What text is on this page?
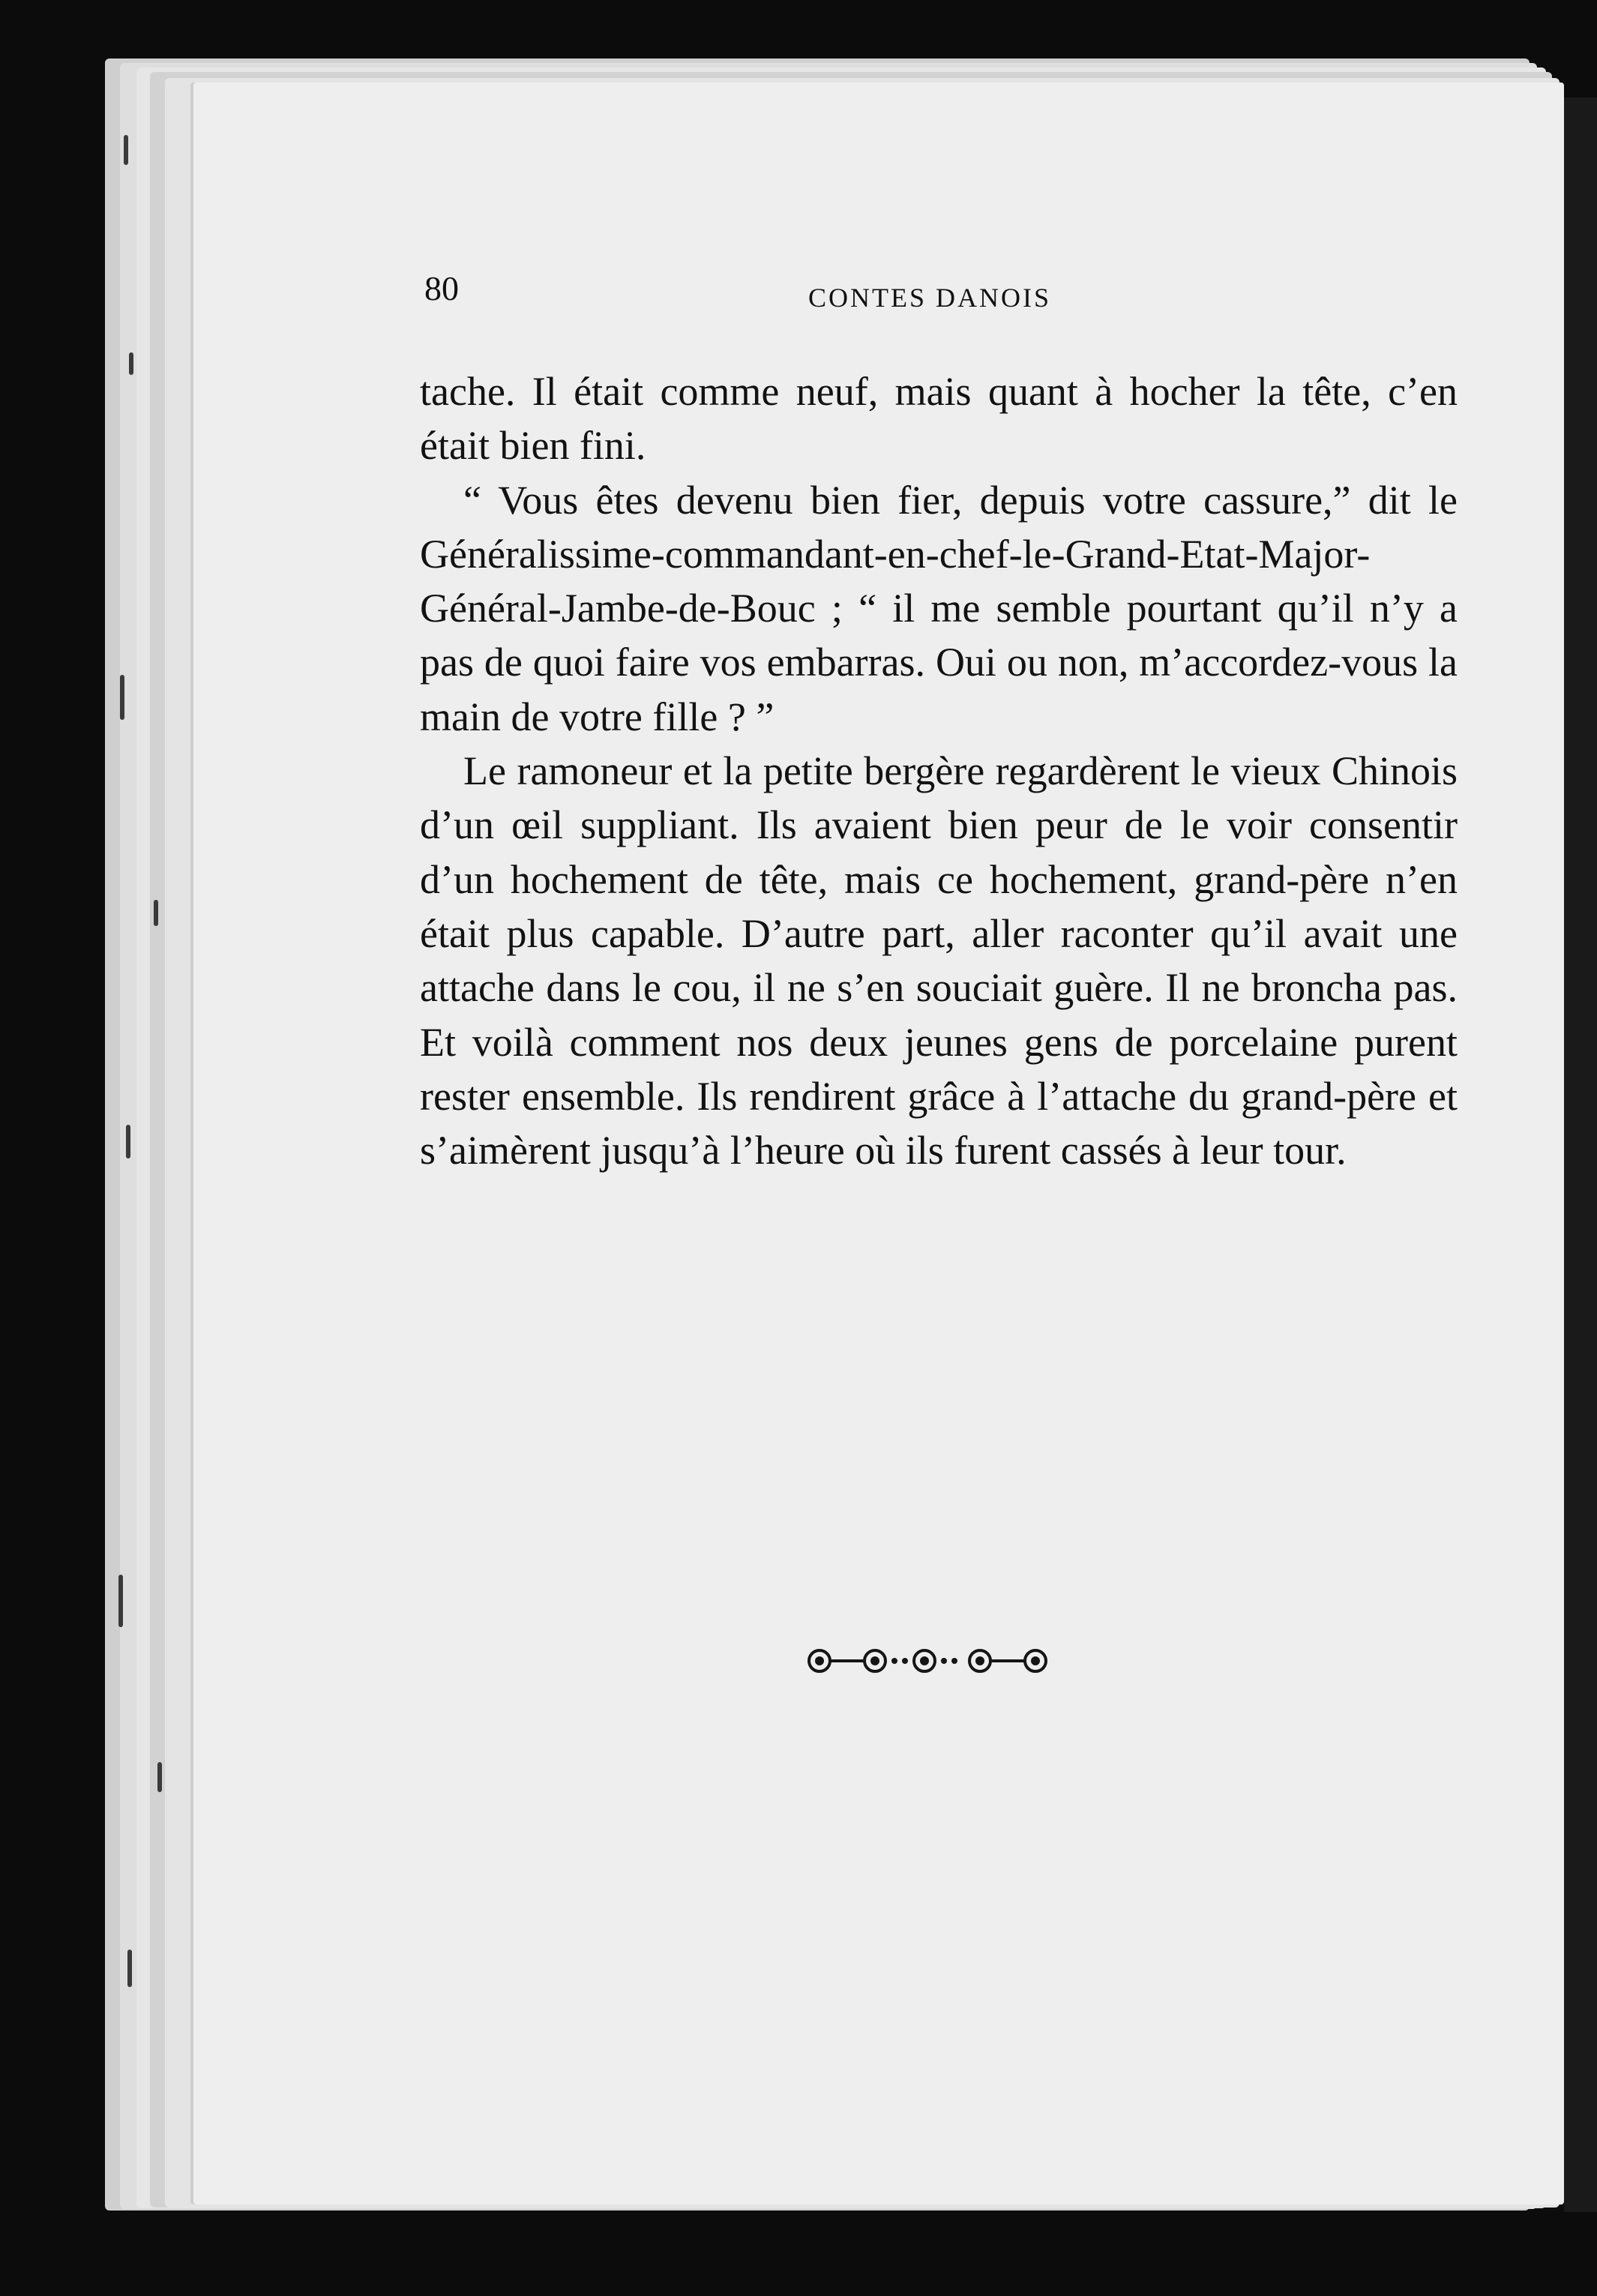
80	CONTES DANOIS

tache. Il était comme neuf, mais quant à hocher la tête, c’en était bien fini.

“ Vous êtes devenu bien fier, depuis votre cassure,” dit le Généralissime-commandant-en-chef-le-Grand-Etat-Major-Général-Jambe-de-Bouc ; “ il me semble pourtant qu’il n’y a pas de quoi faire vos embarras. Oui ou non, m’accordez-vous la main de votre fille ? ”

Le ramoneur et la petite bergère regardèrent le vieux Chinois d’un œil suppliant. Ils avaient bien peur de le voir consentir d’un hochement de tête, mais ce hochement, grand-père n’en était plus capable. D’autre part, aller raconter qu’il avait une attache dans le cou, il ne s’en souciait guère. Il ne broncha pas. Et voilà comment nos deux jeunes gens de porcelaine purent rester ensemble. Ils rendirent grâce à l’attache du grand-père et s’aimèrent jusqu’à l’heure où ils furent cassés à leur tour.
